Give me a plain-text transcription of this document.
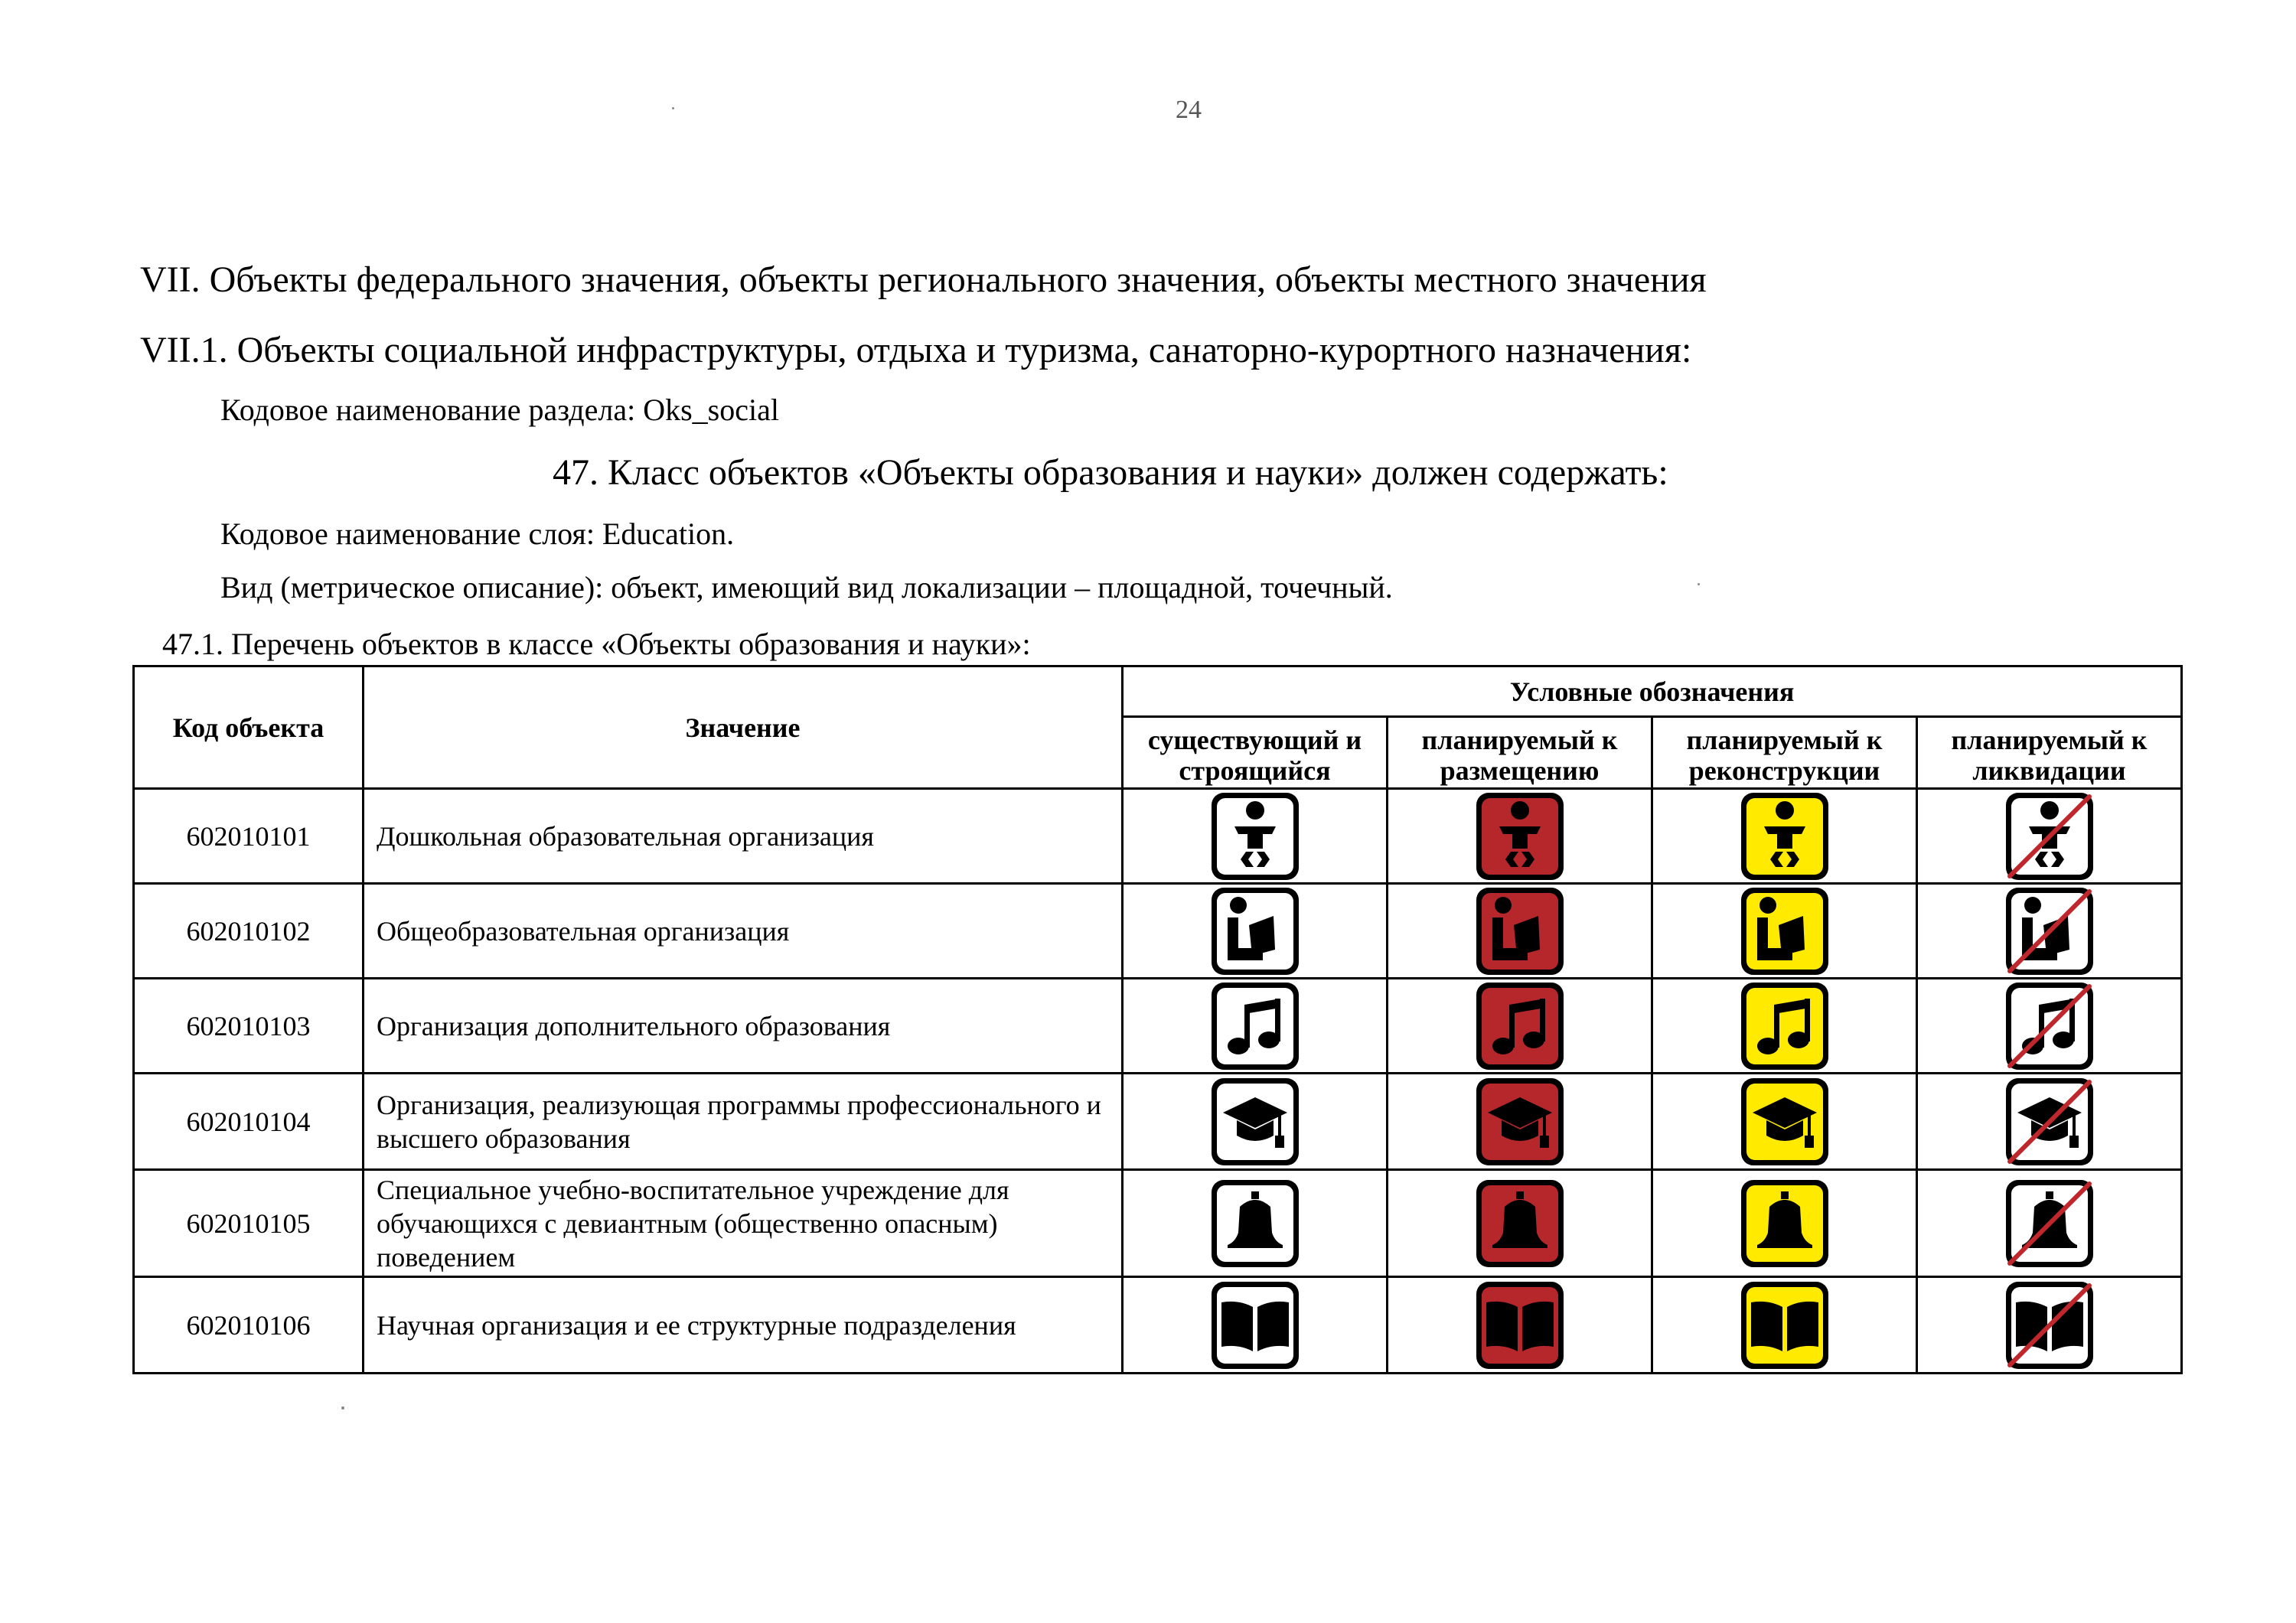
24
VII. Объекты федерального значения, объекты регионального значения, объекты местного значения
VII.1. Объекты социальной инфраструктуры, отдыха и туризма, санаторно-курортного назначения:
Кодовое наименование раздела: Oks_social
47. Класс объектов «Объекты образования и науки» должен содержать:
Кодовое наименование слоя: Education.
Вид (метрическое описание): объект, имеющий вид локализации – площадной, точечный.
47.1. Перечень объектов в классе «Объекты образования и науки»:
Код объекта	Значение	Условные обозначения			
		существующий и строящийся	планируемый к размещению	планируемый к реконструкции	планируемый к ликвидации
602010101	Дошкольная образовательная организация				
602010102	Общеобразовательная организация				
602010103	Организация дополнительного образования				
602010104	Организация, реализующая программы профессионального и высшего образования				
602010105	Специальное учебно-воспитательное учреждение для обучающихся с девиантным (общественно опасным) поведением				
602010106	Научная организация и ее структурные подразделения				
